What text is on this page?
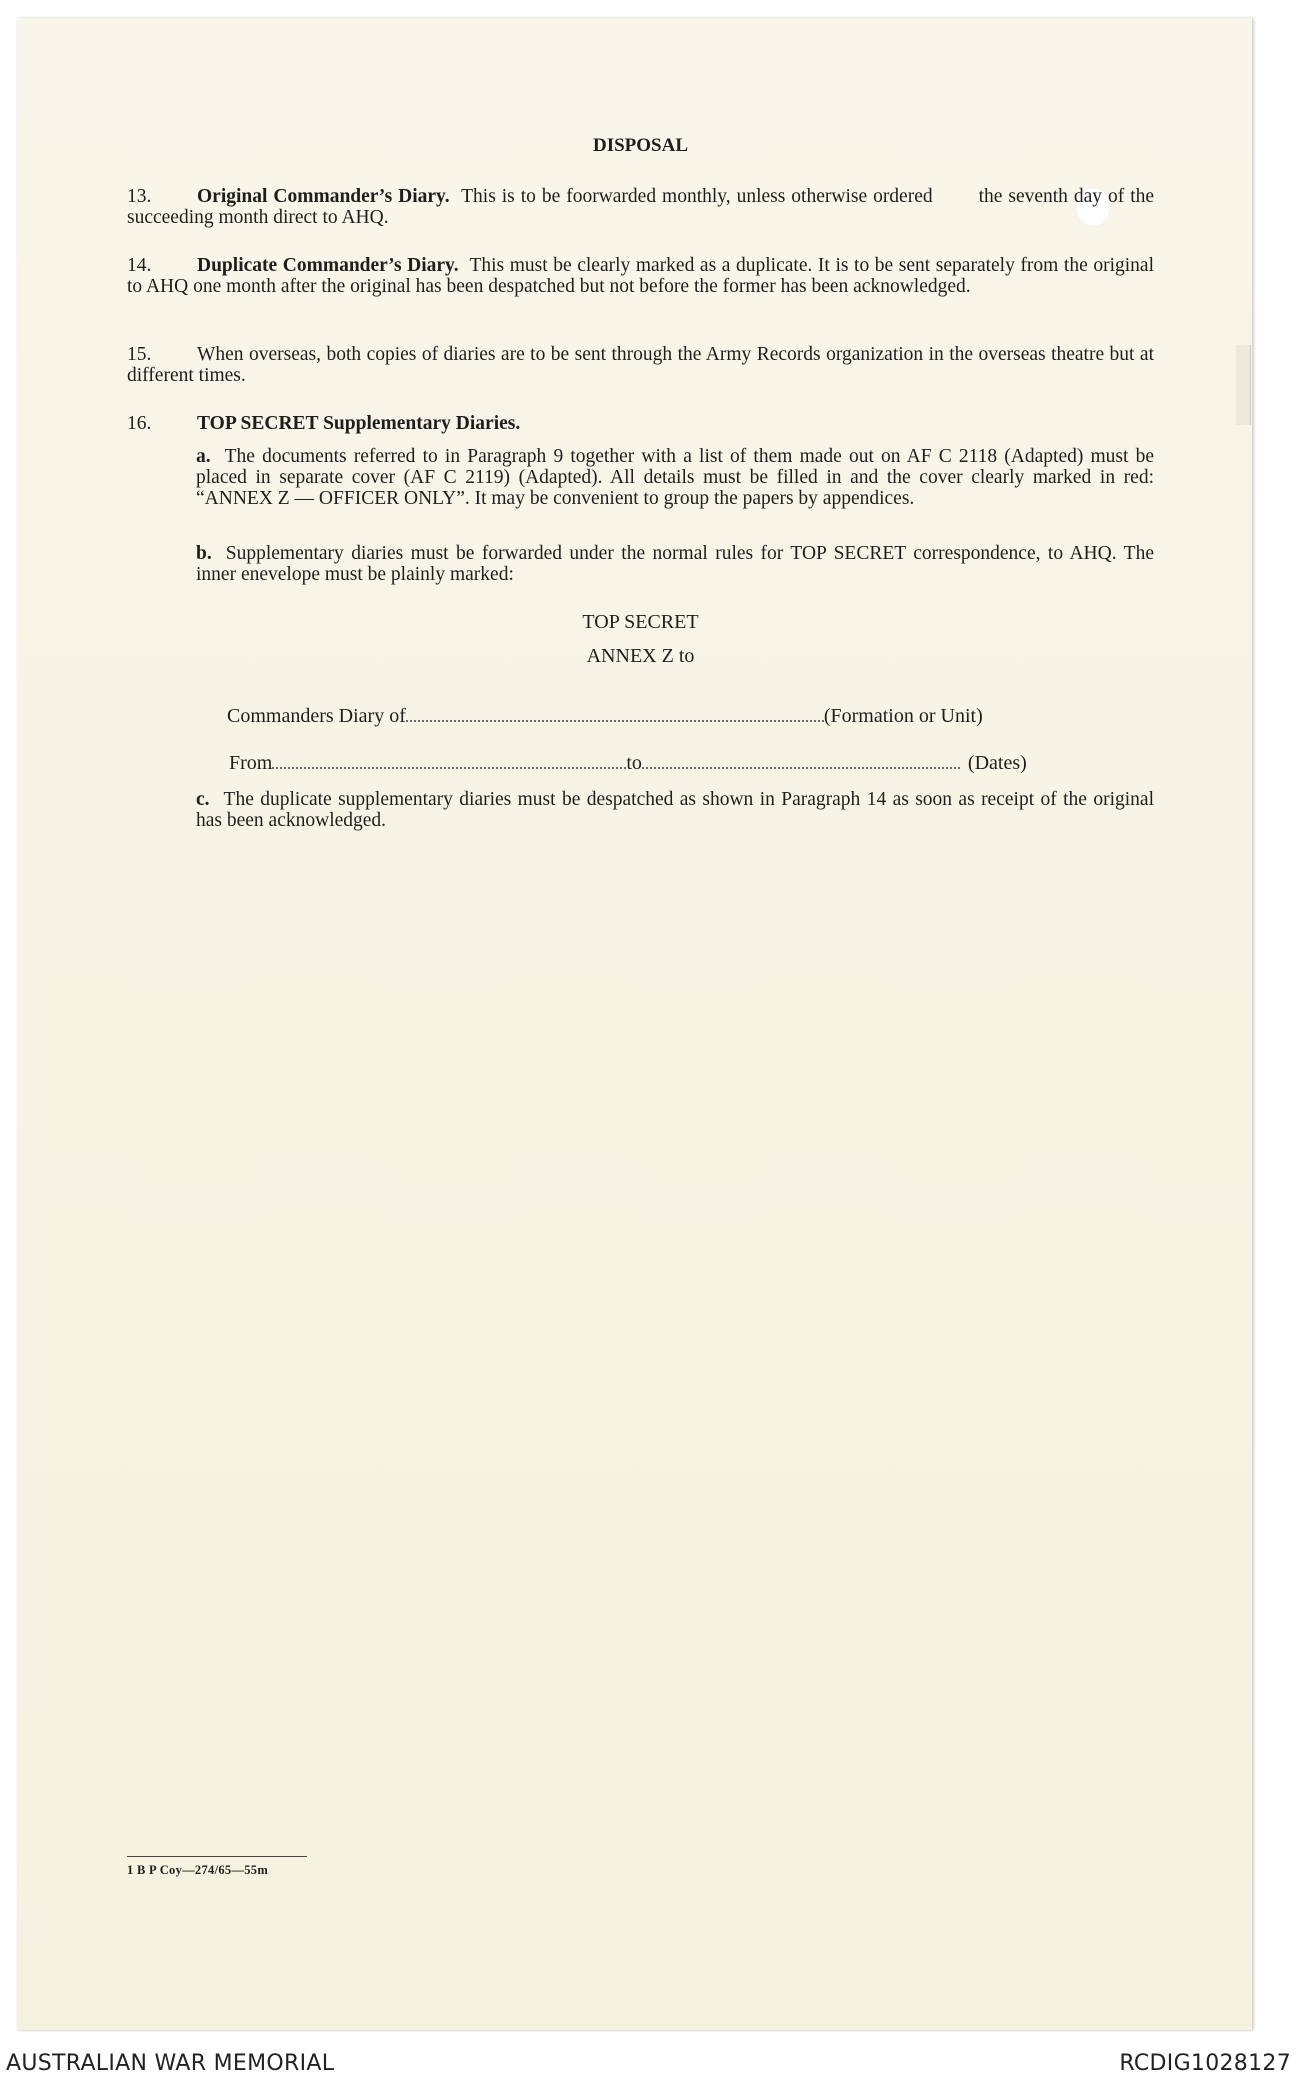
DISPOSAL
13. Original Commander’s Diary. This is to be foorwarded monthly, unless otherwise ordered the seventh day of the succeeding month direct to AHQ.
14. Duplicate Commander’s Diary. This must be clearly marked as a duplicate. It is to be sent separately from the original to AHQ one month after the original has been despatched but not before the former has been acknowledged.
15. When overseas, both copies of diaries are to be sent through the Army Records organization in the overseas theatre but at different times.
16. TOP SECRET Supplementary Diaries.
a. The documents referred to in Paragraph 9 together with a list of them made out on AF C 2118 (Adapted) must be placed in separate cover (AF C 2119) (Adapted). All details must be filled in and the cover clearly marked in red: “ANNEX Z — OFFICER ONLY”. It may be convenient to group the papers by appendices.
b. Supplementary diaries must be forwarded under the normal rules for TOP SECRET correspondence, to AHQ. The inner enevelope must be plainly marked:
TOP SECRET
ANNEX Z to
Commanders Diary of	(Formation or Unit)
From	to	(Dates)
c. The duplicate supplementary diaries must be despatched as shown in Paragraph 14 as soon as receipt of the original has been acknowledged.
1 B P Coy—274/65—55m
AUSTRALIAN WAR MEMORIAL	RCDIG1028127
